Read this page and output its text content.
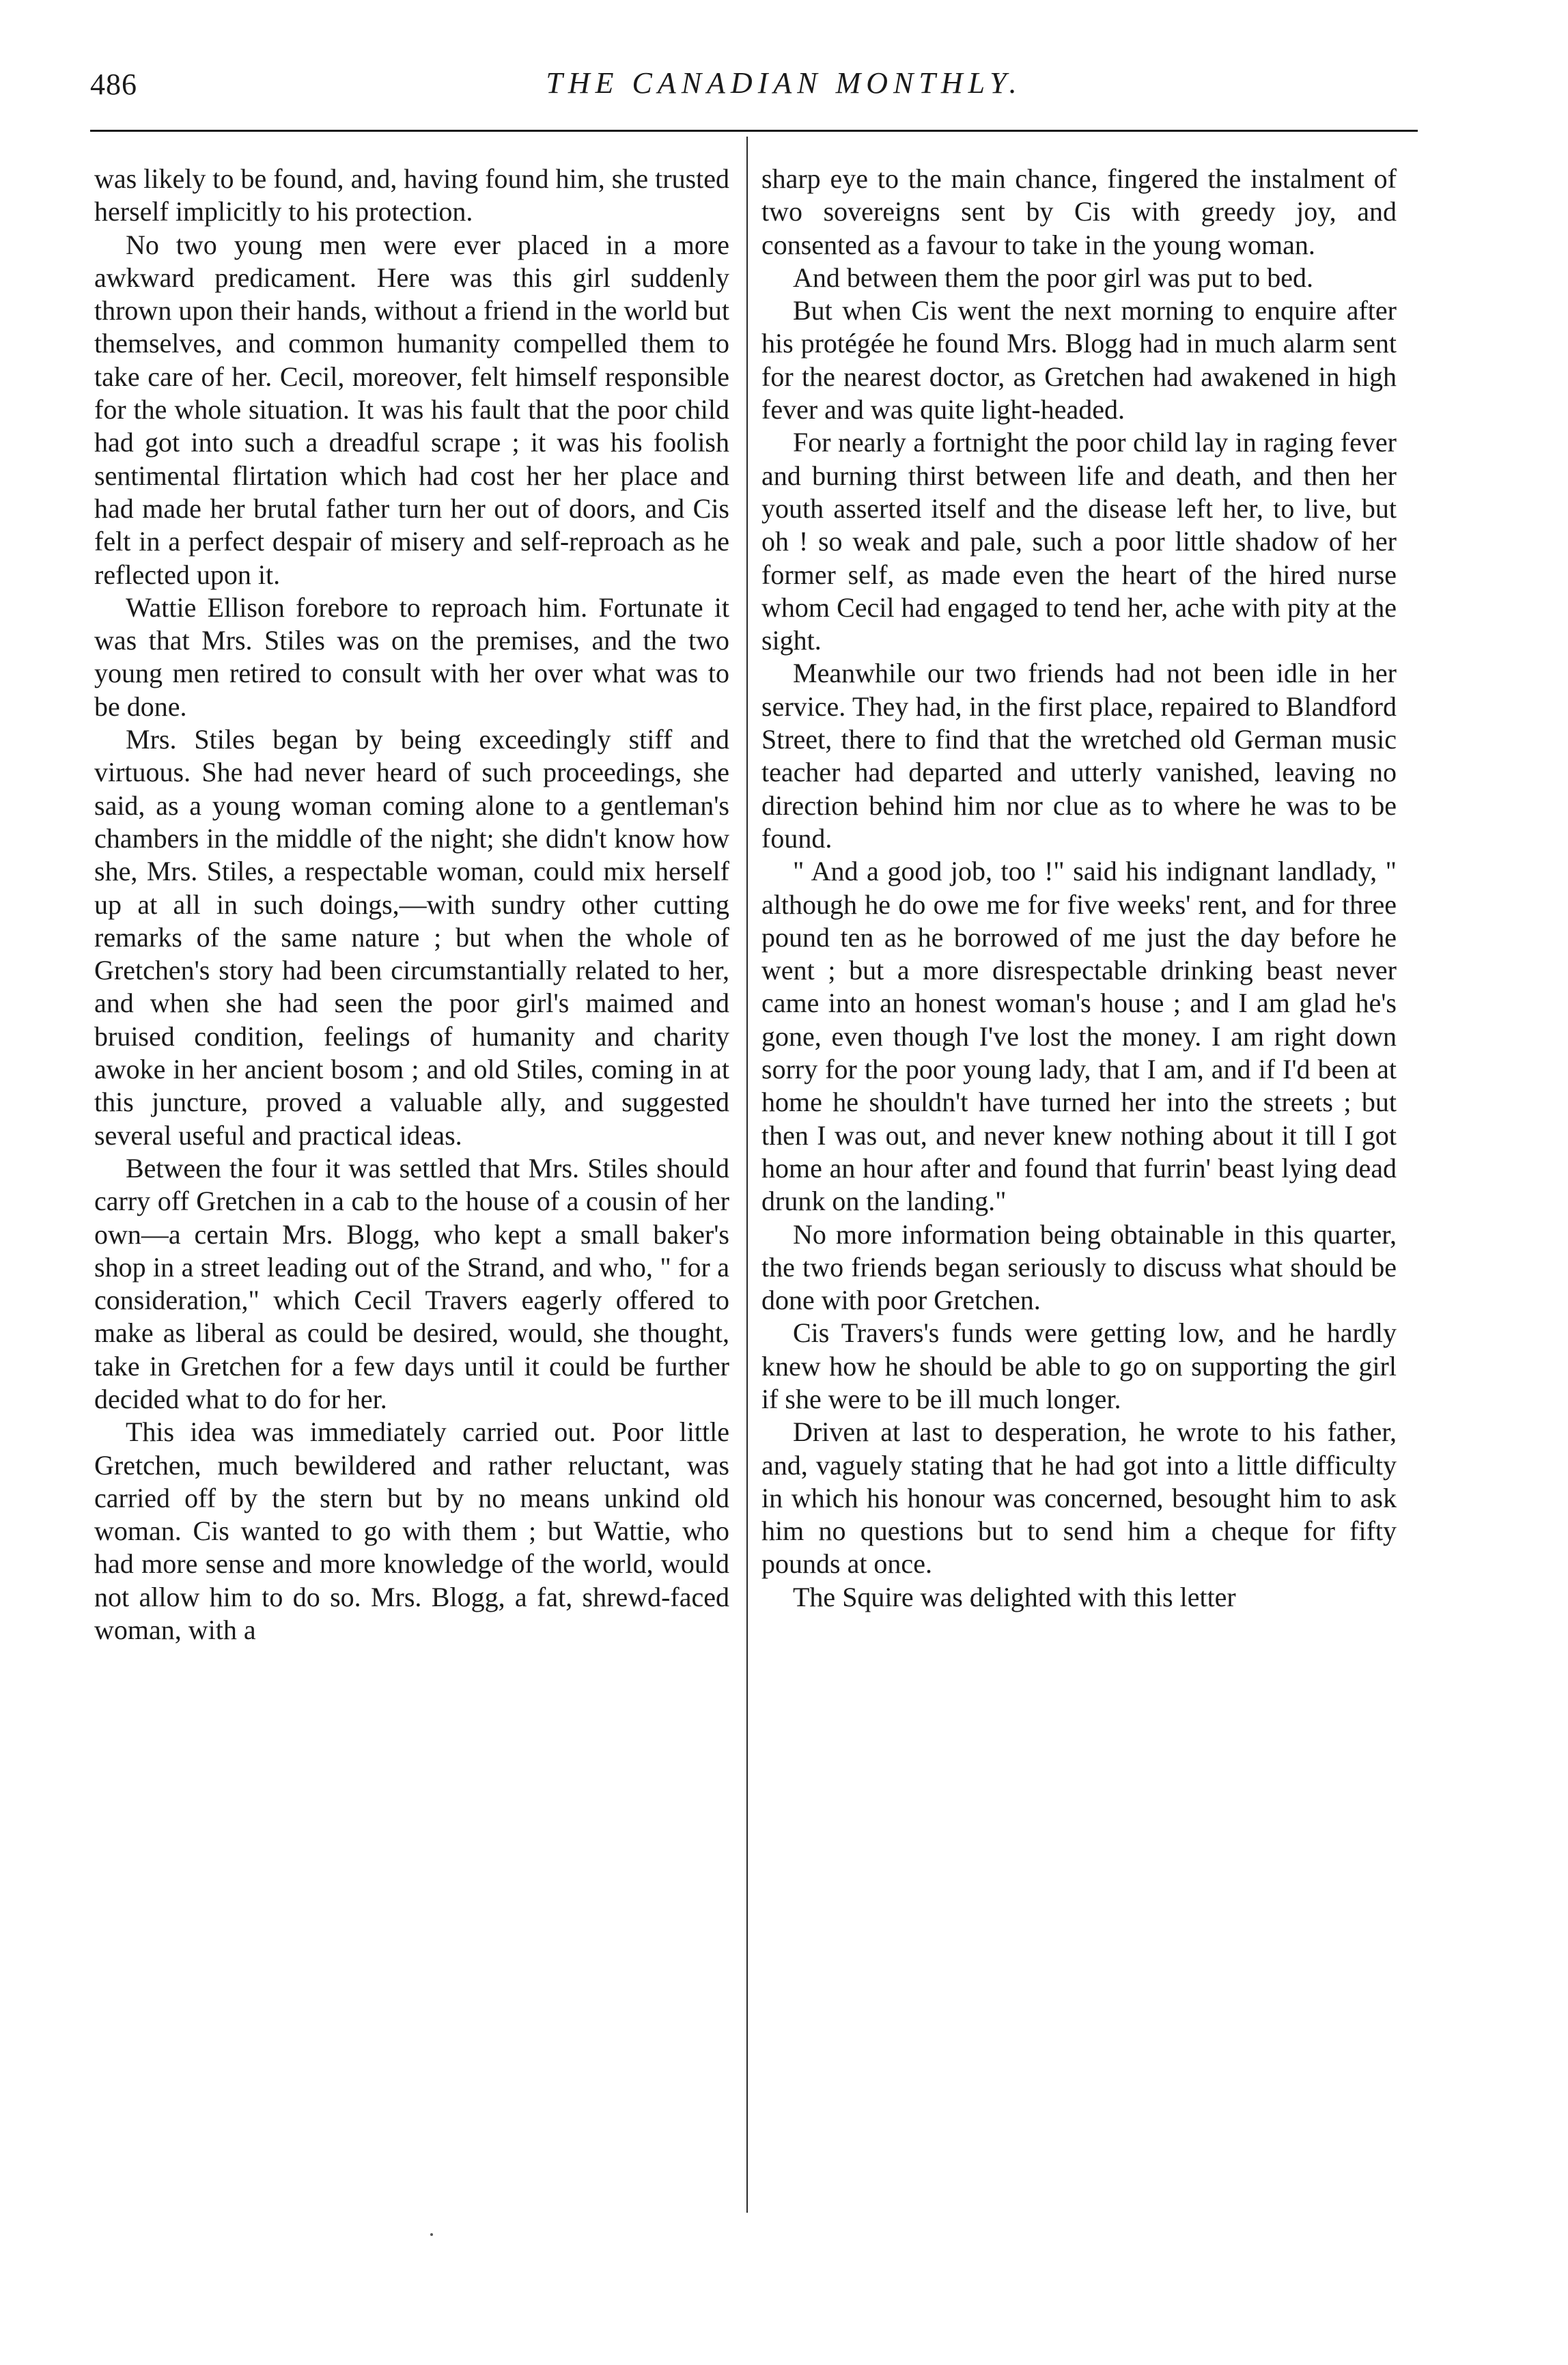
486	THE CANADIAN MONTHLY.

was likely to be found, and, having found him, she trusted herself implicitly to his protection.

No two young men were ever placed in a more awkward predicament. Here was this girl suddenly thrown upon their hands, without a friend in the world but themselves, and common humanity compelled them to take care of her. Cecil, moreover, felt himself responsible for the whole situation. It was his fault that the poor child had got into such a dreadful scrape ; it was his foolish sentimental flirtation which had cost her her place and had made her brutal father turn her out of doors, and Cis felt in a perfect despair of misery and self-reproach as he reflected upon it.

Wattie Ellison forebore to reproach him. Fortunate it was that Mrs. Stiles was on the premises, and the two young men retired to consult with her over what was to be done.

Mrs. Stiles began by being exceedingly stiff and virtuous. She had never heard of such proceedings, she said, as a young woman coming alone to a gentleman's chambers in the middle of the night; she didn't know how she, Mrs. Stiles, a respectable woman, could mix herself up at all in such doings,—with sundry other cutting remarks of the same nature ; but when the whole of Gretchen's story had been circumstantially related to her, and when she had seen the poor girl's maimed and bruised condition, feelings of humanity and charity awoke in her ancient bosom ; and old Stiles, coming in at this juncture, proved a valuable ally, and suggested several useful and practical ideas.

Between the four it was settled that Mrs. Stiles should carry off Gretchen in a cab to the house of a cousin of her own—a certain Mrs. Blogg, who kept a small baker's shop in a street leading out of the Strand, and who, " for a consideration," which Cecil Travers eagerly offered to make as liberal as could be desired, would, she thought, take in Gretchen for a few days until it could be further decided what to do for her.

This idea was immediately carried out. Poor little Gretchen, much bewildered and rather reluctant, was carried off by the stern but by no means unkind old woman. Cis wanted to go with them ; but Wattie, who had more sense and more knowledge of the world, would not allow him to do so. Mrs. Blogg, a fat, shrewd-faced woman, with a

sharp eye to the main chance, fingered the instalment of two sovereigns sent by Cis with greedy joy, and consented as a favour to take in the young woman.

And between them the poor girl was put to bed.

But when Cis went the next morning to enquire after his protégée he found Mrs. Blogg had in much alarm sent for the nearest doctor, as Gretchen had awakened in high fever and was quite light-headed.

For nearly a fortnight the poor child lay in raging fever and burning thirst between life and death, and then her youth asserted itself and the disease left her, to live, but oh ! so weak and pale, such a poor little shadow of her former self, as made even the heart of the hired nurse whom Cecil had engaged to tend her, ache with pity at the sight.

Meanwhile our two friends had not been idle in her service. They had, in the first place, repaired to Blandford Street, there to find that the wretched old German music teacher had departed and utterly vanished, leaving no direction behind him nor clue as to where he was to be found.

" And a good job, too !" said his indignant landlady, " although he do owe me for five weeks' rent, and for three pound ten as he borrowed of me just the day before he went ; but a more disrespectable drinking beast never came into an honest woman's house ; and I am glad he's gone, even though I've lost the money. I am right down sorry for the poor young lady, that I am, and if I'd been at home he shouldn't have turned her into the streets ; but then I was out, and never knew nothing about it till I got home an hour after and found that furrin' beast lying dead drunk on the landing."

No more information being obtainable in this quarter, the two friends began seriously to discuss what should be done with poor Gretchen.

Cis Travers's funds were getting low, and he hardly knew how he should be able to go on supporting the girl if she were to be ill much longer.

Driven at last to desperation, he wrote to his father, and, vaguely stating that he had got into a little difficulty in which his honour was concerned, besought him to ask him no questions but to send him a cheque for fifty pounds at once.

The Squire was delighted with this letter
